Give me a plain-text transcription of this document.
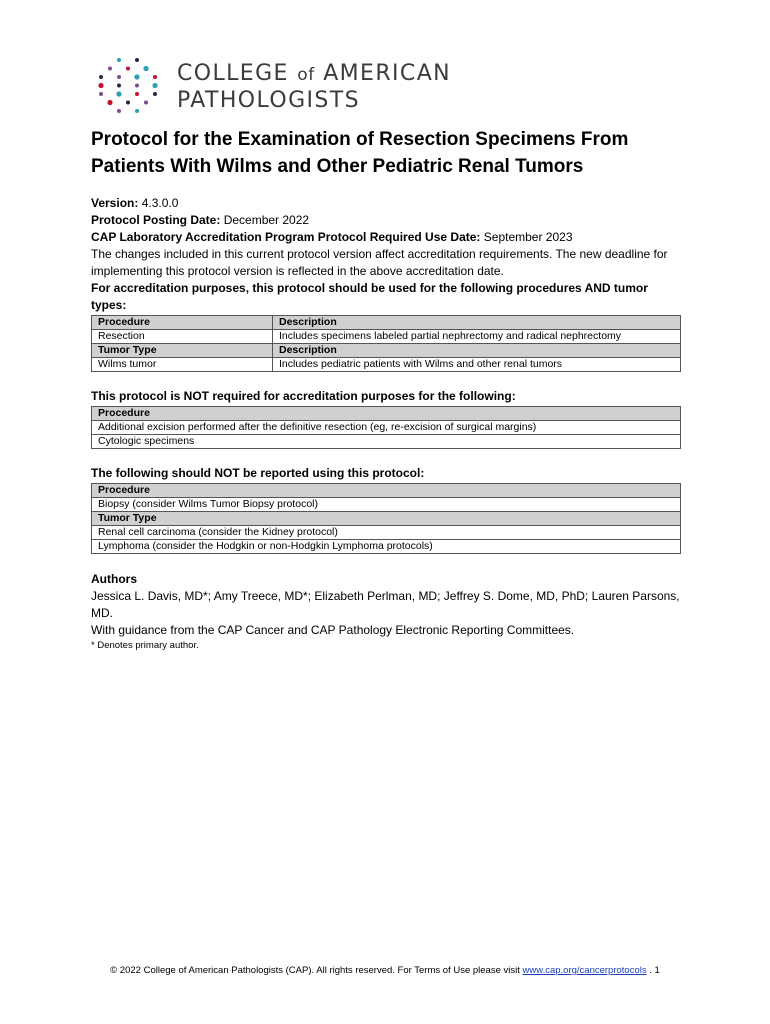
COLLEGE of AMERICAN
PATHOLOGISTS
Protocol for the Examination of Resection Specimens From Patients With Wilms and Other Pediatric Renal Tumors

Version: 4.3.0.0

Protocol Posting Date: December 2022

CAP Laboratory Accreditation Program Protocol Required Use Date: September 2023

The changes included in this current protocol version affect accreditation requirements. The new deadline for implementing this protocol version is reflected in the above accreditation date.

For accreditation purposes, this protocol should be used for the following procedures AND tumor types:

Procedure	Description
Resection	Includes specimens labeled partial nephrectomy and radical nephrectomy
Tumor Type	Description
Wilms tumor	Includes pediatric patients with Wilms and other renal tumors
This protocol is NOT required for accreditation purposes for the following:
Procedure
Additional excision performed after the definitive resection (eg, re-excision of surgical margins)
Cytologic specimens
The following should NOT be reported using this protocol:
Procedure
Biopsy (consider Wilms Tumor Biopsy protocol)
Tumor Type
Renal cell carcinoma (consider the Kidney protocol)
Lymphoma (consider the Hodgkin or non-Hodgkin Lymphoma protocols)

Authors

Jessica L. Davis, MD*; Amy Treece, MD*; Elizabeth Perlman, MD; Jeffrey S. Dome, MD, PhD; Lauren Parsons, MD.

With guidance from the CAP Cancer and CAP Pathology Electronic Reporting Committees.

* Denotes primary author.

© 2022 College of American Pathologists (CAP). All rights reserved. For Terms of Use please visit www.cap.org/cancerprotocols . 1
